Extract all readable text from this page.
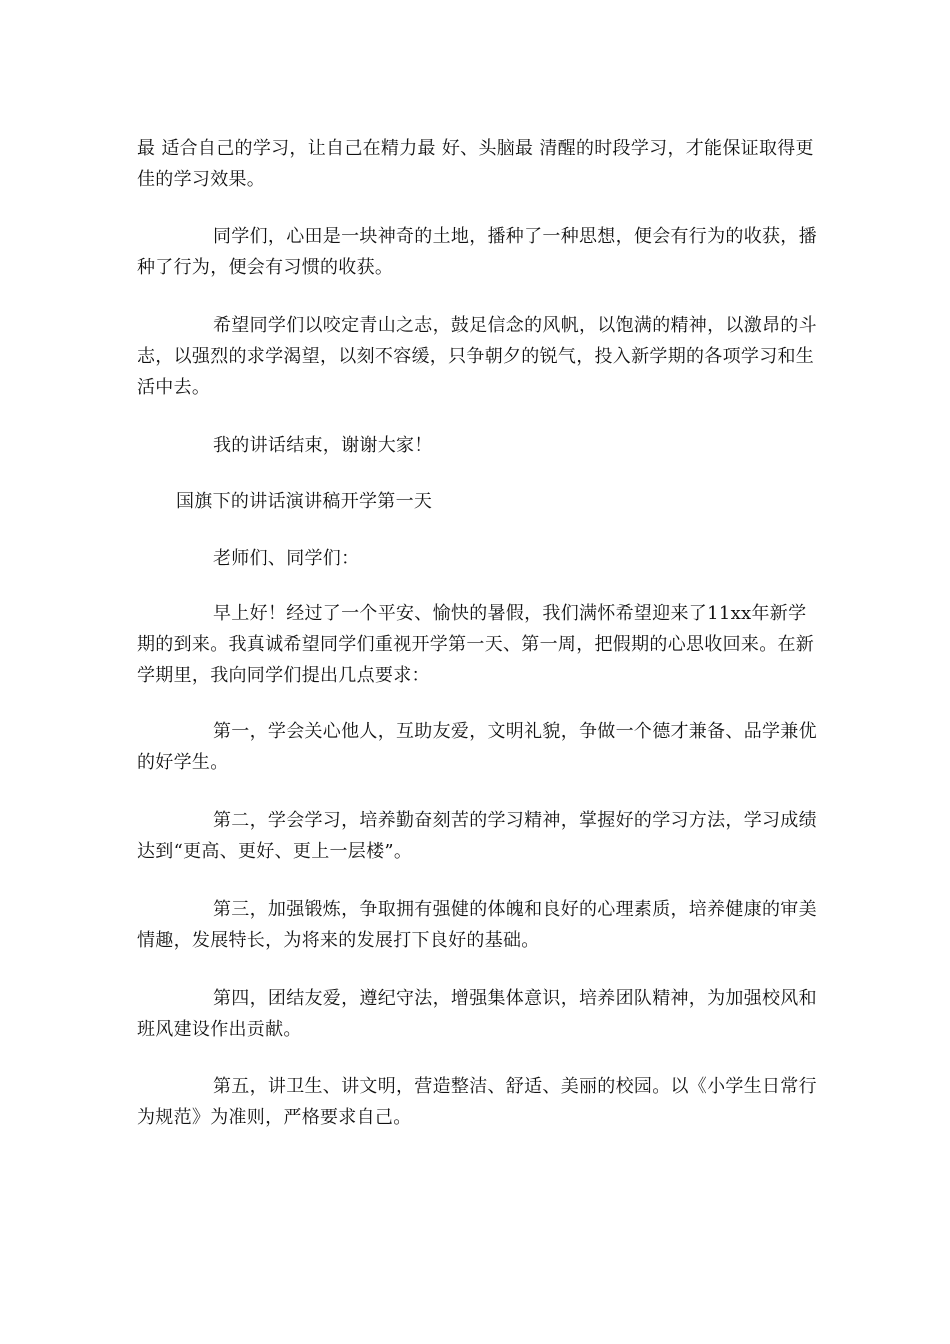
最 适合自己的学习，让自己在精力最 好、头脑最 清醒的时段学习，才能保证取得更佳的学习效果。

同学们，心田是一块神奇的土地，播种了一种思想，便会有行为的收获，播种了行为，便会有习惯的收获。

希望同学们以咬定青山之志，鼓足信念的风帆，以饱满的精神，以激昂的斗志，以强烈的求学渴望，以刻不容缓，只争朝夕的锐气，投入新学期的各项学习和生活中去。

我的讲话结束，谢谢大家！

国旗下的讲话演讲稿开学第一天

老师们、同学们：

早上好！经过了一个平安、愉快的暑假，我们满怀希望迎来了11xx年新学期的到来。我真诚希望同学们重视开学第一天、第一周，把假期的心思收回来。在新学期里，我向同学们提出几点要求：

第一，学会关心他人，互助友爱，文明礼貌，争做一个德才兼备、品学兼优的好学生。

第二，学会学习，培养勤奋刻苦的学习精神，掌握好的学习方法，学习成绩达到“更高、更好、更上一层楼”。

第三，加强锻炼，争取拥有强健的体魄和良好的心理素质，培养健康的审美情趣，发展特长，为将来的发展打下良好的基础。

第四，团结友爱，遵纪守法，增强集体意识，培养团队精神，为加强校风和班风建设作出贡献。

第五，讲卫生、讲文明，营造整洁、舒适、美丽的校园。以《小学生日常行为规范》为准则，严格要求自己。
